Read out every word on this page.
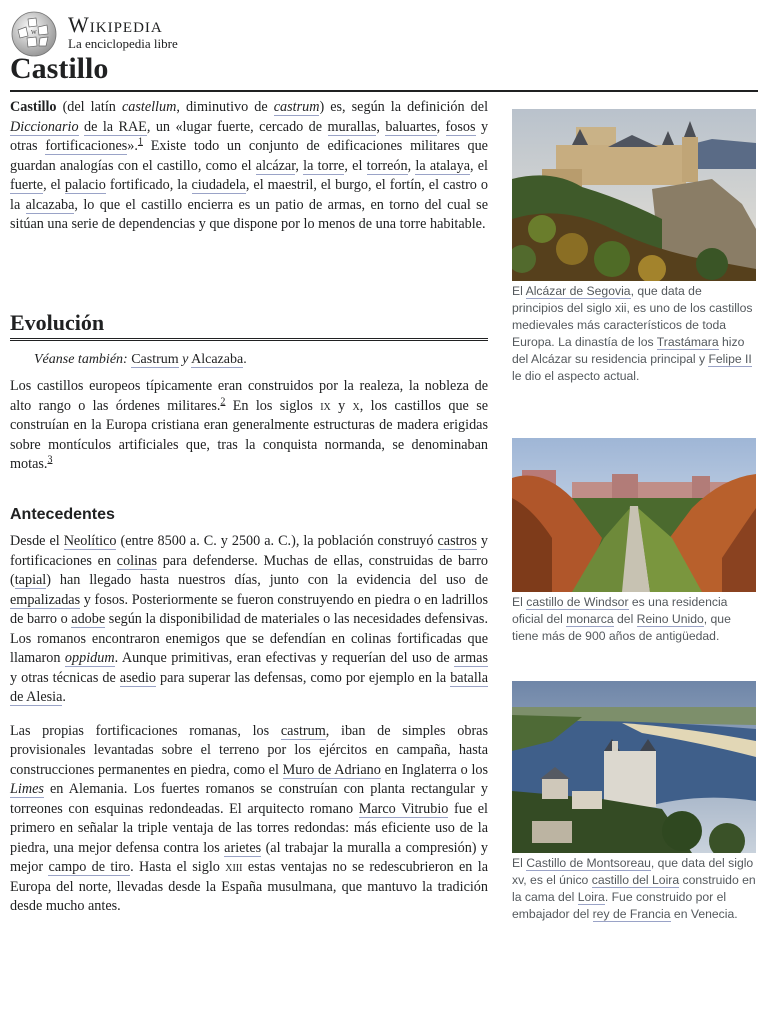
W Wikipedia
La enciclopedia libre
Castillo

Castillo (del latín castellum, diminutivo de castrum) es, según la definición del Diccionario de la RAE, un «lugar fuerte, cercado de murallas, baluartes, fosos y otras fortificaciones».$^1$ Existe todo un conjunto de edificaciones militares que guardan analogías con el castillo, como el alcázar, la torre, el torreón, la atalaya, el fuerte, el palacio fortificado, la ciudadela, el maestril, el burgo, el fortín, el castro o la alcazaba, lo que el castillo encierra es un patio de armas, en torno del cual se sitúan una serie de dependencias y que dispone por lo menos de una torre habitable.

Evolución
Véanse también: Castrum y Alcazaba.

Los castillos europeos típicamente eran construidos por la realeza, la nobleza de alto rango o las órdenes militares.$^2$ En los siglos ix y x, los castillos que se construían en la Europa cristiana eran generalmente estructuras de madera erigidas sobre montículos artificiales que, tras la conquista normanda, se denominaban motas.$^3$

Antecedentes

Desde el Neolítico (entre 8500 a. C. y 2500 a. C.), la población construyó castros y fortificaciones en colinas para defenderse. Muchas de ellas, construidas de barro (tapial) han llegado hasta nuestros días, junto con la evidencia del uso de empalizadas y fosos. Posteriormente se fueron construyendo en piedra o en ladrillos de barro o adobe según la disponibilidad de materiales o las necesidades defensivas. Los romanos encontraron enemigos que se defendían en colinas fortificadas que llamaron oppidum. Aunque primitivas, eran efectivas y requerían del uso de armas y otras técnicas de asedio para superar las defensas, como por ejemplo en la batalla de Alesia.

Las propias fortificaciones romanas, los castrum, iban de simples obras provisionales levantadas sobre el terreno por los ejércitos en campaña, hasta construcciones permanentes en piedra, como el Muro de Adriano en Inglaterra o los Limes en Alemania. Los fuertes romanos se construían con planta rectangular y torreones con esquinas redondeadas. El arquitecto romano Marco Vitrubio fue el primero en señalar la triple ventaja de las torres redondas: más eficiente uso de la piedra, una mejor defensa contra los arietes (al trabajar la muralla a compresión) y mejor campo de tiro. Hasta el siglo xiii estas ventajas no se redescubrieron en la Europa del norte, llevadas desde la España musulmana, que mantuvo la tradición desde mucho antes.

El Alcázar de Segovia, que data de principios del siglo xii, es uno de los castillos medievales más característicos de toda Europa. La dinastía de los Trastámara hizo del Alcázar su residencia principal y Felipe II le dio el aspecto actual.
El castillo de Windsor es una residencia oficial del monarca del Reino Unido, que tiene más de 900 años de antigüedad.
El Castillo de Montsoreau, que data del siglo xv, es el único castillo del Loira construido en la cama del Loira. Fue construido por el embajador del rey de Francia en Venecia.
